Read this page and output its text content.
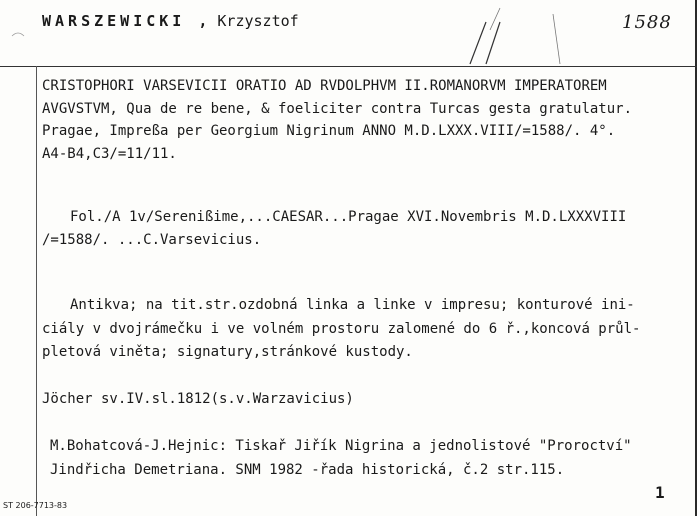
WARSZEWICKI , Krzysztof	1588
CRISTOPHORI VARSEVICII ORATIO AD RVDOLPHVM II.ROMANORVM IMPERATOREM
AVGVSTVM, Qua de re bene, & foeliciter contra Turcas gesta gratulatur.
Pragae, Impreßa per Georgium Nigrinum ANNO M.D.LXXX.VIII/=1588/. 4°.
A4-B4,C3/=11/11.
Fol./A 1v/Serenißime,...CAESAR...Pragae XVI.Novembris M.D.LXXXVIII
/=1588/. ...C.Varsevicius.
Antikva; na tit.str.ozdobná linka a linke v impresu; konturové ini-
ciály v dvojrámečku i ve volném prostoru zalomené do 6 ř.,koncová průl-
pletová viněta; signatury,stránkové kustody.
Jöcher sv.IV.sl.1812(s.v.Warzavicius)
M.Bohatcová-J.Hejnic: Tiskař Jiřík Nigrina a jednolistové "Proroctví"
Jindřicha Demetriana. SNM 1982 -řada historická, č.2 str.115.
ST 206-7713-83
1
